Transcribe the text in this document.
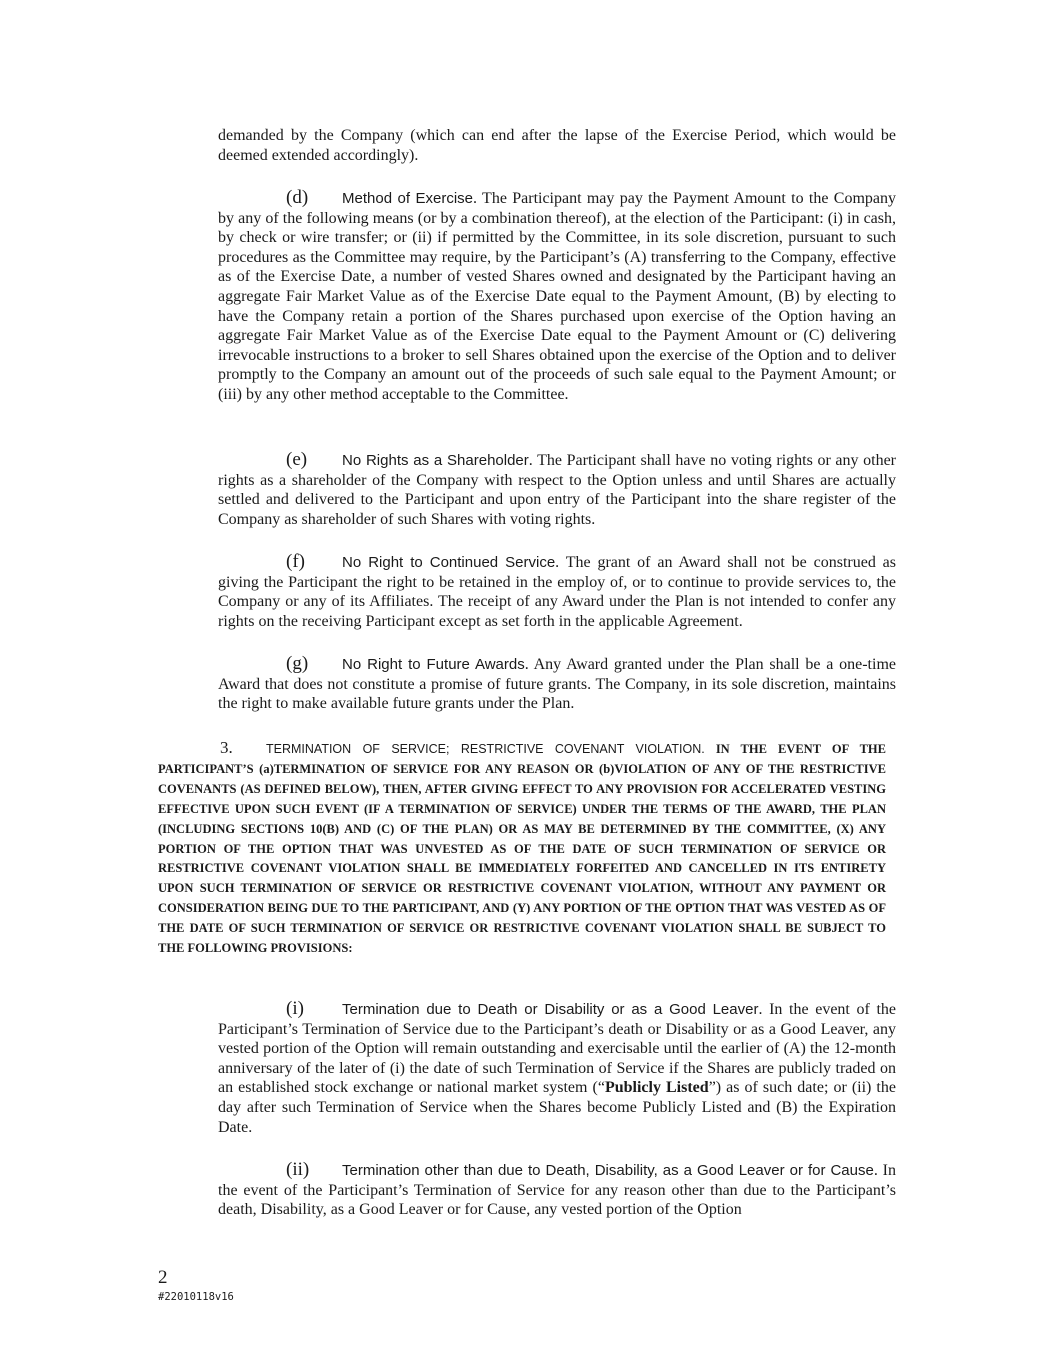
demanded by the Company (which can end after the lapse of the Exercise Period, which would be deemed extended accordingly).

(d) Method of Exercise. The Participant may pay the Payment Amount to the Company by any of the following means (or by a combination thereof), at the election of the Participant: (i) in cash, by check or wire transfer; or (ii) if permitted by the Committee, in its sole discretion, pursuant to such procedures as the Committee may require, by the Participant’s (A) transferring to the Company, effective as of the Exercise Date, a number of vested Shares owned and designated by the Participant having an aggregate Fair Market Value as of the Exercise Date equal to the Payment Amount, (B) by electing to have the Company retain a portion of the Shares purchased upon exercise of the Option having an aggregate Fair Market Value as of the Exercise Date equal to the Payment Amount or (C) delivering irrevocable instructions to a broker to sell Shares obtained upon the exercise of the Option and to deliver promptly to the Company an amount out of the proceeds of such sale equal to the Payment Amount; or (iii) by any other method acceptable to the Committee.

(e) No Rights as a Shareholder. The Participant shall have no voting rights or any other rights as a shareholder of the Company with respect to the Option unless and until Shares are actually settled and delivered to the Participant and upon entry of the Participant into the share register of the Company as shareholder of such Shares with voting rights.

(f) No Right to Continued Service. The grant of an Award shall not be construed as giving the Participant the right to be retained in the employ of, or to continue to provide services to, the Company or any of its Affiliates. The receipt of any Award under the Plan is not intended to confer any rights on the receiving Participant except as set forth in the applicable Agreement.

(g) No Right to Future Awards. Any Award granted under the Plan shall be a one-time Award that does not constitute a promise of future grants. The Company, in its sole discretion, maintains the right to make available future grants under the Plan.

3.	TERMINATION OF SERVICE; RESTRICTIVE COVENANT VIOLATION. IN THE EVENT OF THE PARTICIPANT’S (a)TERMINATION OF SERVICE FOR ANY REASON OR (b)VIOLATION OF ANY OF THE RESTRICTIVE COVENANTS (AS DEFINED BELOW), THEN, AFTER GIVING EFFECT TO ANY PROVISION FOR ACCELERATED VESTING EFFECTIVE UPON SUCH EVENT (IF A TERMINATION OF SERVICE) UNDER THE TERMS OF THE AWARD, THE PLAN (INCLUDING SECTIONS 10(B) AND (C) OF THE PLAN) OR AS MAY BE DETERMINED BY THE COMMITTEE, (X) ANY PORTION OF THE OPTION THAT WAS UNVESTED AS OF THE DATE OF SUCH TERMINATION OF SERVICE OR RESTRICTIVE COVENANT VIOLATION SHALL BE IMMEDIATELY FORFEITED AND CANCELLED IN ITS ENTIRETY UPON SUCH TERMINATION OF SERVICE OR RESTRICTIVE COVENANT VIOLATION, WITHOUT ANY PAYMENT OR CONSIDERATION BEING DUE TO THE PARTICIPANT, AND (Y) ANY PORTION OF THE OPTION THAT WAS VESTED AS OF THE DATE OF SUCH TERMINATION OF SERVICE OR RESTRICTIVE COVENANT VIOLATION SHALL BE SUBJECT TO THE FOLLOWING PROVISIONS:

(i)	Termination due to Death or Disability or as a Good Leaver. In the event of the Participant’s Termination of Service due to the Participant’s death or Disability or as a Good Leaver, any vested portion of the Option will remain outstanding and exercisable until the earlier of (A) the 12-month anniversary of the later of (i) the date of such Termination of Service if the Shares are publicly traded on an established stock exchange or national market system (“Publicly Listed”) as of such date; or (ii) the day after such Termination of Service when the Shares become Publicly Listed and (B) the Expiration Date.

(ii) Termination other than due to Death, Disability, as a Good Leaver or for Cause. In the event of the Participant’s Termination of Service for any reason other than due to the Participant’s death, Disability, as a Good Leaver or for Cause, any vested portion of the Option

2
#22010118v16
